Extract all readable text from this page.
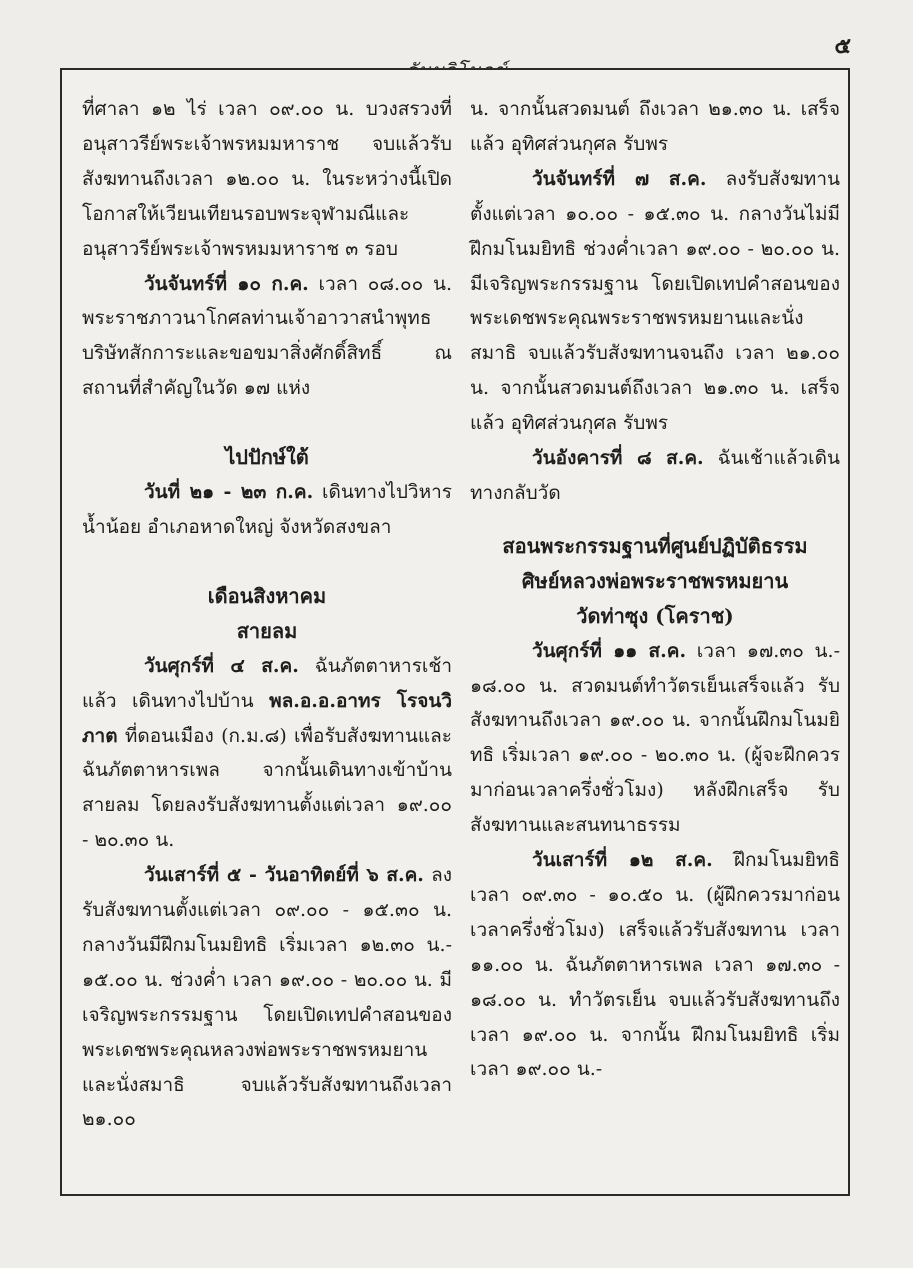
๕

ที่ศาลา ๑๒ ไร่ เวลา ๐๙.๐๐ น. บวงสรวงที่อนุสาวรีย์พระเจ้าพรหมมหาราช จบแล้วรับสังฆทานถึงเวลา ๑๒.๐๐ น. ในระหว่างนี้เปิดโอกาสให้เวียนเทียนรอบพระจุฬามณีและอนุสาวรีย์พระเจ้าพรหมมหาราช ๓ รอบ

วันจันทร์ที่ ๑๐ ก.ค. เวลา ๐๘.๐๐ น. พระราชภาวนาโกศลท่านเจ้าอาวาสนำพุทธบริษัทสักการะและขอขมาสิ่งศักดิ์สิทธิ์ ณ สถานที่สำคัญในวัด ๑๗ แห่ง

ไปปักษ์ใต้

วันที่ ๒๑ - ๒๓ ก.ค. เดินทางไปวิหารน้ำน้อย อำเภอหาดใหญ่ จังหวัดสงขลา

เดือนสิงหาคม

สายลม

วันศุกร์ที่ ๔ ส.ค. ฉันภัตตาหารเช้าแล้ว เดินทางไปบ้าน พล.อ.อ.อาทร โรจนวิภาต ที่ดอนเมือง (ก.ม.๘) เพื่อรับสังฆทานและฉันภัตตาหารเพล จากนั้นเดินทางเข้าบ้านสายลม โดยลงรับสังฆทานตั้งแต่เวลา ๑๙.๐๐ - ๒๐.๓๐ น.

วันเสาร์ที่ ๕ - วันอาทิตย์ที่ ๖ ส.ค. ลงรับสังฆทานตั้งแต่เวลา ๐๙.๐๐ - ๑๕.๓๐ น. กลางวันมีฝึกมโนมยิทธิ เริ่มเวลา ๑๒.๓๐ น.- ๑๕.๐๐ น. ช่วงค่ำ เวลา ๑๙.๐๐ - ๒๐.๐๐ น. มีเจริญพระกรรมฐาน โดยเปิดเทปคำสอนของพระเดชพระคุณหลวงพ่อพระราชพรหมยานและนั่งสมาธิ จบแล้วรับสังฆทานถึงเวลา ๒๑.๐๐

น. จากนั้นสวดมนต์ ถึงเวลา ๒๑.๓๐ น. เสร็จแล้ว อุทิศส่วนกุศล รับพร

วันจันทร์ที่ ๗ ส.ค. ลงรับสังฆทานตั้งแต่เวลา ๑๐.๐๐ - ๑๕.๓๐ น. กลางวันไม่มีฝึกมโนมยิทธิ ช่วงค่ำเวลา ๑๙.๐๐ - ๒๐.๐๐ น. มีเจริญพระกรรมฐาน โดยเปิดเทปคำสอนของพระเดชพระคุณพระราชพรหมยานและนั่งสมาธิ จบแล้วรับสังฆทานจนถึง เวลา ๒๑.๐๐ น. จากนั้นสวดมนต์ถึงเวลา ๒๑.๓๐ น. เสร็จแล้ว อุทิศส่วนกุศล รับพร

วันอังคารที่ ๘ ส.ค. ฉันเช้าแล้วเดินทางกลับวัด

สอนพระกรรมฐานที่ศูนย์ปฏิบัติธรรม

ศิษย์หลวงพ่อพระราชพรหมยาน

วัดท่าซุง (โคราช)

วันศุกร์ที่ ๑๑ ส.ค. เวลา ๑๗.๓๐ น.- ๑๘.๐๐ น. สวดมนต์ทำวัตรเย็นเสร็จแล้ว รับสังฆทานถึงเวลา ๑๙.๐๐ น. จากนั้นฝึกมโนมยิทธิ เริ่มเวลา ๑๙.๐๐ - ๒๐.๓๐ น. (ผู้จะฝึกควรมาก่อนเวลาครึ่งชั่วโมง) หลังฝึกเสร็จ รับสังฆทานและสนทนาธรรม

วันเสาร์ที่ ๑๒ ส.ค. ฝึกมโนมยิทธิ เวลา ๐๙.๓๐ - ๑๐.๕๐ น. (ผู้ฝึกควรมาก่อนเวลาครึ่งชั่วโมง) เสร็จแล้วรับสังฆทาน เวลา ๑๑.๐๐ น. ฉันภัตตาหารเพล เวลา ๑๗.๓๐ - ๑๘.๐๐ น. ทำวัตรเย็น จบแล้วรับสังฆทานถึงเวลา ๑๙.๐๐ น. จากนั้น ฝึกมโนมยิทธิ เริ่มเวลา ๑๙.๐๐ น.-
